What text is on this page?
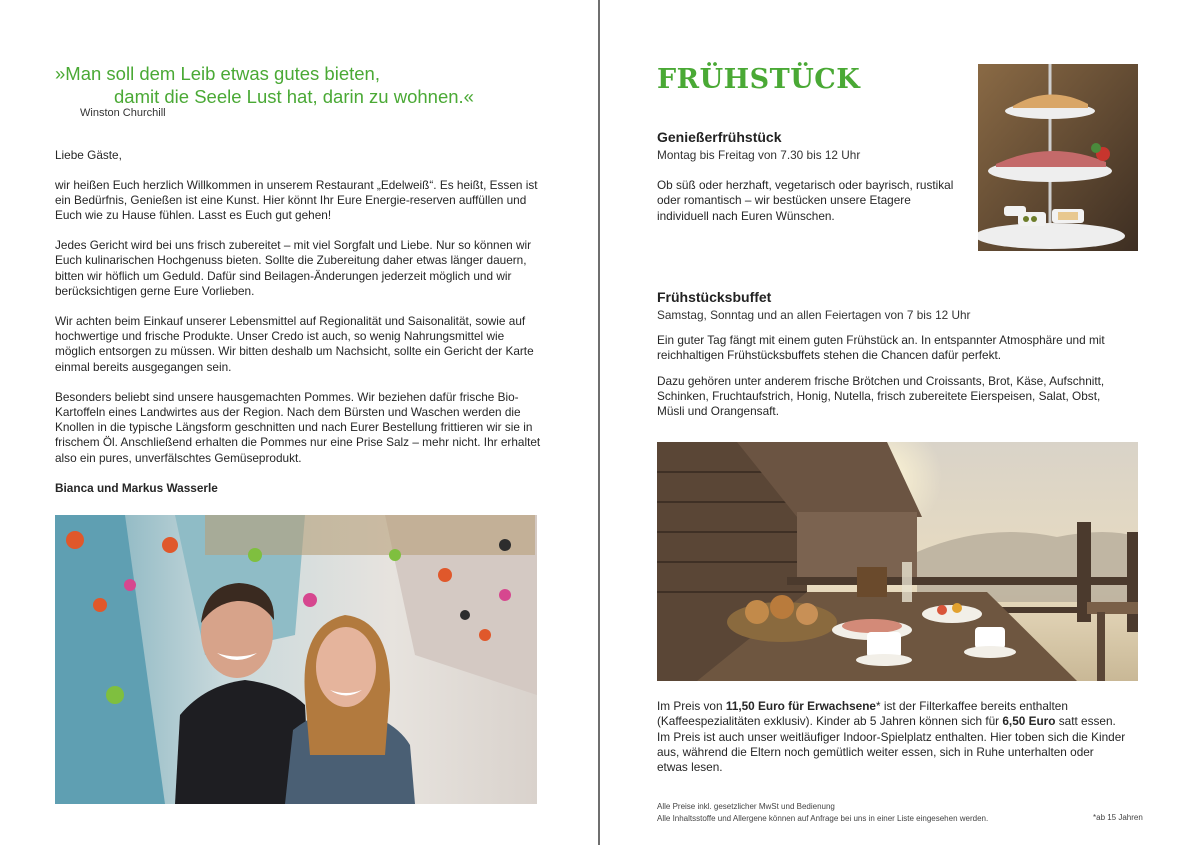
»Man soll dem Leib etwas gutes bieten,
damit die Seele Lust hat, darin zu wohnen.«
Winston Churchill

Liebe Gäste,

wir heißen Euch herzlich Willkommen in unserem Restaurant „Edelweiß“. Es heißt, Essen ist ein Bedürfnis, Genießen ist eine Kunst. Hier könnt Ihr Eure Energie-reserven auffüllen und Euch wie zu Hause fühlen. Lasst es Euch gut gehen!

Jedes Gericht wird bei uns frisch zubereitet – mit viel Sorgfalt und Liebe. Nur so können wir Euch kulinarischen Hochgenuss bieten. Sollte die Zubereitung daher etwas länger dauern, bitten wir höflich um Geduld. Dafür sind Beilagen-Änderungen jederzeit möglich und wir berücksichtigen gerne Eure Vorlieben.

Wir achten beim Einkauf unserer Lebensmittel auf Regionalität und Saisonalität, sowie auf hochwertige und frische Produkte. Unser Credo ist auch, so wenig Nahrungsmittel wie möglich entsorgen zu müssen. Wir bitten deshalb um Nachsicht, sollte ein Gericht der Karte einmal bereits ausgegangen sein.

Besonders beliebt sind unsere hausgemachten Pommes. Wir beziehen dafür frische Bio-Kartoffeln eines Landwirtes aus der Region. Nach dem Bürsten und Waschen werden die Knollen in die typische Längsform geschnitten und nach Eurer Bestellung frittieren wir sie in frischem Öl. Anschließend erhalten die Pommes nur eine Prise Salz – mehr nicht. Ihr erhaltet also ein pures, unverfälschtes Gemüseprodukt.

Bianca und Markus Wasserle

FRÜHSTÜCK
Genießerfrühstück
Montag bis Freitag von 7.30 bis 12 Uhr

Ob süß oder herzhaft, vegetarisch oder bayrisch, rustikal oder romantisch – wir bestücken unsere Etagere individuell nach Euren Wünschen.

Frühstücksbuffet
Samstag, Sonntag und an allen Feiertagen von 7 bis 12 Uhr

Ein guter Tag fängt mit einem guten Frühstück an. In entspannter Atmosphäre und mit reichhaltigen Frühstücksbuffets stehen die Chancen dafür perfekt.

Dazu gehören unter anderem frische Brötchen und Croissants, Brot, Käse, Aufschnitt, Schinken, Fruchtaufstrich, Honig, Nutella, frisch zubereitete Eierspeisen, Salat, Obst, Müsli und Orangensaft.

Im Preis von 11,50 Euro für Erwachsene* ist der Filterkaffee bereits enthalten (Kaffeespezialitäten exklusiv). Kinder ab 5 Jahren können sich für 6,50 Euro satt essen. Im Preis ist auch unser weitläufiger Indoor-Spielplatz enthalten. Hier toben sich die Kinder aus, während die Eltern noch gemütlich weiter essen, sich in Ruhe unterhalten oder etwas lesen.
Alle Preise inkl. gesetzlicher MwSt und Bedienung
Alle Inhaltsstoffe und Allergene können auf Anfrage bei uns in einer Liste eingesehen werden.	*ab 15 Jahren
